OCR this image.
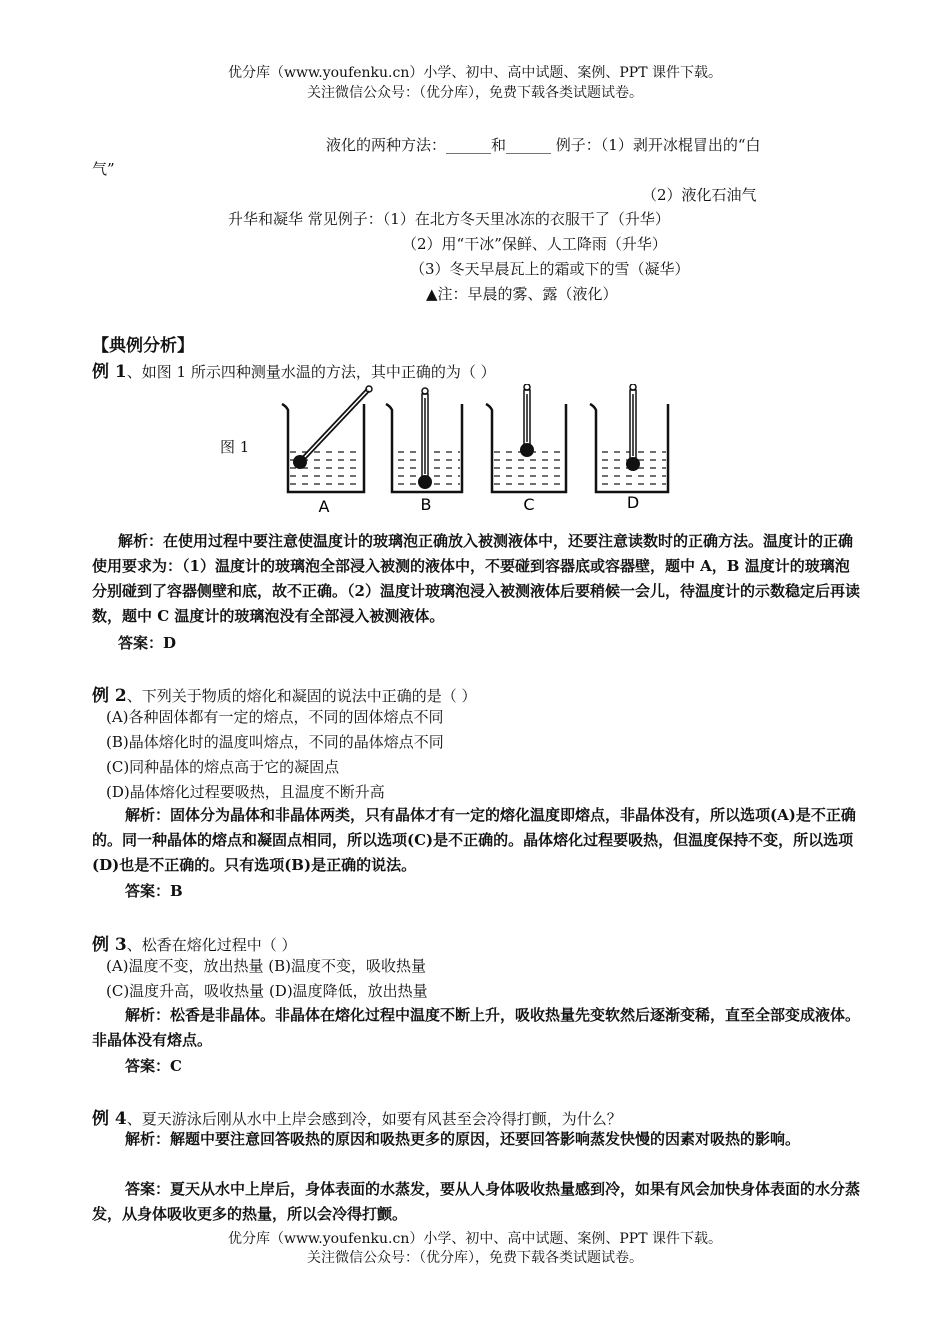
优分库（www.youfenku.cn）小学、初中、高中试题、案例、PPT 课件下载。
关注微信公众号：（优分库），免费下载各类试题试卷。
液化的两种方法：______和______ 例子：（1）剥开冰棍冒出的“白
气”
（2）液化石油气
升华和凝华 常见例子：（1）在北方冬天里冰冻的衣服干了（升华）
（2）用“干冰”保鲜、人工降雨（升华）
（3）冬天早晨瓦上的霜或下的雪（凝华）
▲注：早晨的雾、露（液化）
【典例分析】
例 1、如图 1 所示四种测量水温的方法，其中正确的为（ ）
图 1
A	B	C	D
解析：在使用过程中要注意使温度计的玻璃泡正确放入被测液体中，还要注意读数时的正确方法。温度计的正确使用要求为：（1）温度计的玻璃泡全部浸入被测的液体中，不要碰到容器底或容器壁，题中 A，B 温度计的玻璃泡分别碰到了容器侧壁和底，故不正确。（2）温度计玻璃泡浸入被测液体后要稍候一会儿，待温度计的示数稳定后再读数，题中 C 温度计的玻璃泡没有全部浸入被测液体。
答案：D
例 2、下列关于物质的熔化和凝固的说法中正确的是（ ）
(A)各种固体都有一定的熔点，不同的固体熔点不同
(B)晶体熔化时的温度叫熔点，不同的晶体熔点不同
(C)同种晶体的熔点高于它的凝固点
(D)晶体熔化过程要吸热，且温度不断升高
解析：固体分为晶体和非晶体两类，只有晶体才有一定的熔化温度即熔点，非晶体没有，所以选项(A)是不正确的。同一种晶体的熔点和凝固点相同，所以选项(C)是不正确的。晶体熔化过程要吸热，但温度保持不变，所以选项(D)也是不正确的。只有选项(B)是正确的说法。
答案：B
例 3、松香在熔化过程中（ ）
(A)温度不变，放出热量 (B)温度不变，吸收热量
(C)温度升高，吸收热量 (D)温度降低，放出热量
解析：松香是非晶体。非晶体在熔化过程中温度不断上升，吸收热量先变软然后逐渐变稀，直至全部变成液体。非晶体没有熔点。
答案：C
例 4、夏天游泳后刚从水中上岸会感到冷，如要有风甚至会冷得打颤，为什么？
解析：解题中要注意回答吸热的原因和吸热更多的原因，还要回答影响蒸发快慢的因素对吸热的影响。
答案：夏天从水中上岸后，身体表面的水蒸发，要从人身体吸收热量感到冷，如果有风会加快身体表面的水分蒸发，从身体吸收更多的热量，所以会冷得打颤。
优分库（www.youfenku.cn）小学、初中、高中试题、案例、PPT 课件下载。
关注微信公众号：（优分库），免费下载各类试题试卷。
